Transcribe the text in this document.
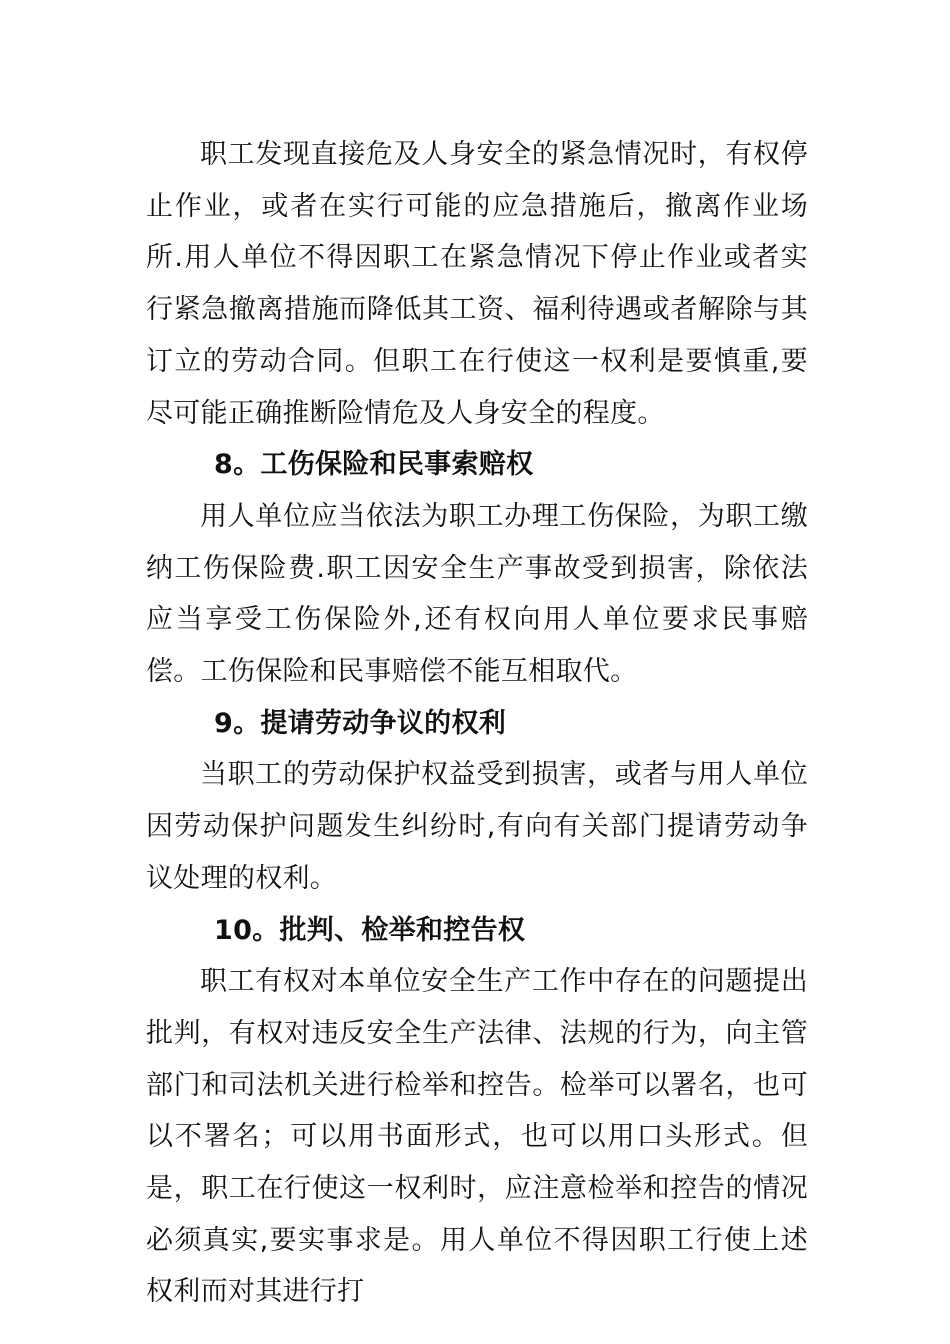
职工发现直接危及人身安全的紧急情况时，有权停止作业，或者在实行可能的应急措施后，撤离作业场所.用人单位不得因职工在紧急情况下停止作业或者实行紧急撤离措施而降低其工资、福利待遇或者解除与其订立的劳动合同。但职工在行使这一权利是要慎重,要尽可能正确推断险情危及人身安全的程度。

8。工伤保险和民事索赔权

用人单位应当依法为职工办理工伤保险，为职工缴纳工伤保险费.职工因安全生产事故受到损害，除依法应当享受工伤保险外,还有权向用人单位要求民事赔偿。工伤保险和民事赔偿不能互相取代。

9。提请劳动争议的权利

当职工的劳动保护权益受到损害，或者与用人单位因劳动保护问题发生纠纷时,有向有关部门提请劳动争议处理的权利。

10。批判、检举和控告权

职工有权对本单位安全生产工作中存在的问题提出批判，有权对违反安全生产法律、法规的行为，向主管部门和司法机关进行检举和控告。检举可以署名，也可以不署名；可以用书面形式，也可以用口头形式。但是，职工在行使这一权利时，应注意检举和控告的情况必须真实,要实事求是。用人单位不得因职工行使上述权利而对其进行打
